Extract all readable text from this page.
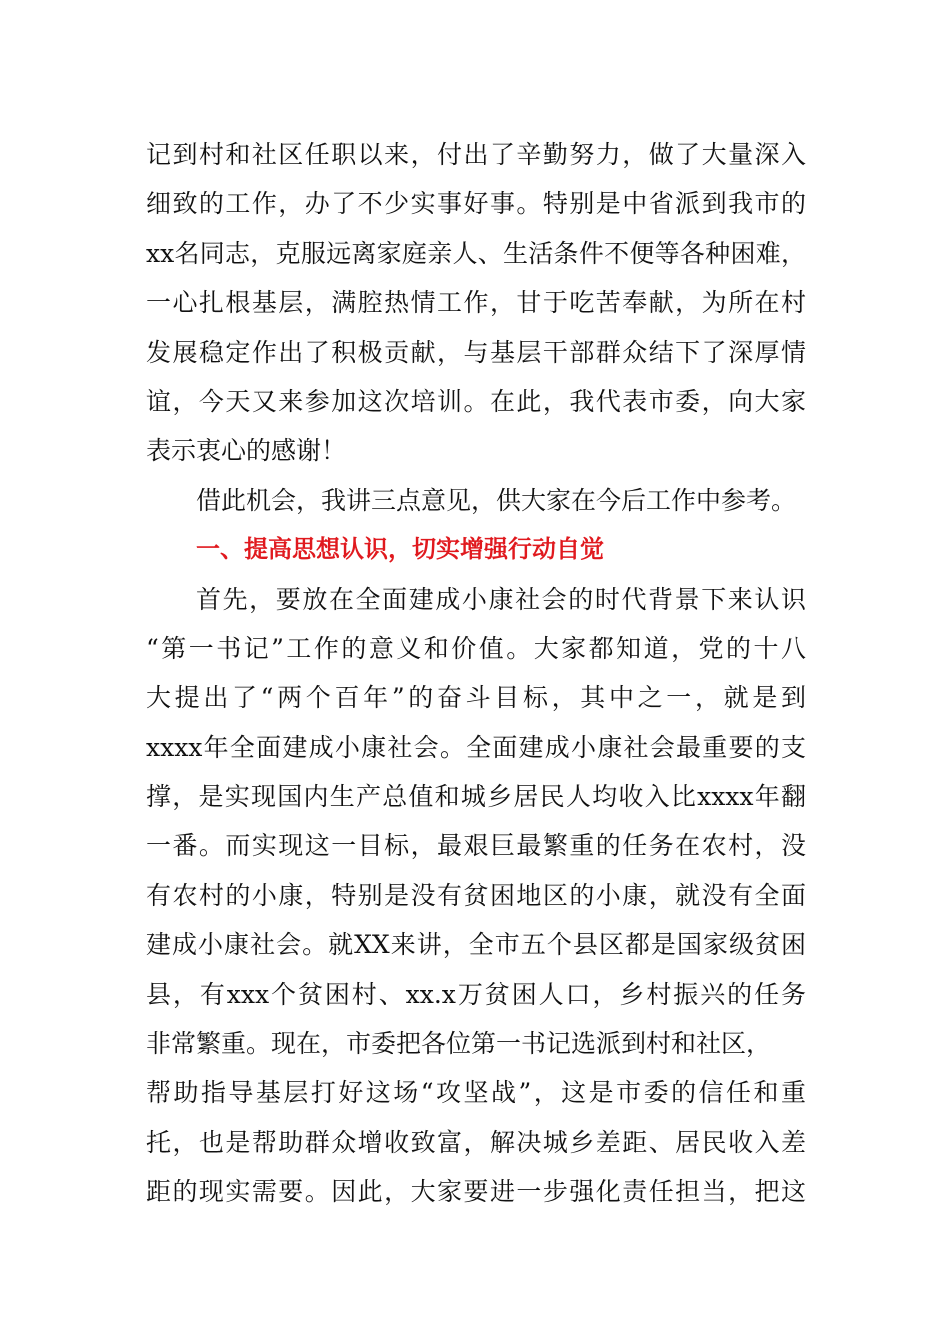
记到村和社区任职以来，付出了辛勤努力，做了大量深入
细致的工作，办了不少实事好事。特别是中省派到我市的
xx名同志，克服远离家庭亲人、生活条件不便等各种困难，
一心扎根基层，满腔热情工作，甘于吃苦奉献，为所在村
发展稳定作出了积极贡献，与基层干部群众结下了深厚情
谊，今天又来参加这次培训。在此，我代表市委，向大家
表示衷心的感谢！
借此机会，我讲三点意见，供大家在今后工作中参考。
一、提高思想认识，切实增强行动自觉
首先，要放在全面建成小康社会的时代背景下来认识
“第一书记”工作的意义和价值。大家都知道，党的十八
大提出了“两个百年”的奋斗目标，其中之一，就是到
xxxx年全面建成小康社会。全面建成小康社会最重要的支
撑，是实现国内生产总值和城乡居民人均收入比xxxx年翻
一番。而实现这一目标，最艰巨最繁重的任务在农村，没
有农村的小康，特别是没有贫困地区的小康，就没有全面
建成小康社会。就XX来讲，全市五个县区都是国家级贫困
县，有xxx个贫困村、xx.x万贫困人口，乡村振兴的任务
非常繁重。现在，市委把各位第一书记选派到村和社区，
帮助指导基层打好这场“攻坚战”，这是市委的信任和重
托，也是帮助群众增收致富，解决城乡差距、居民收入差
距的现实需要。因此，大家要进一步强化责任担当，把这
